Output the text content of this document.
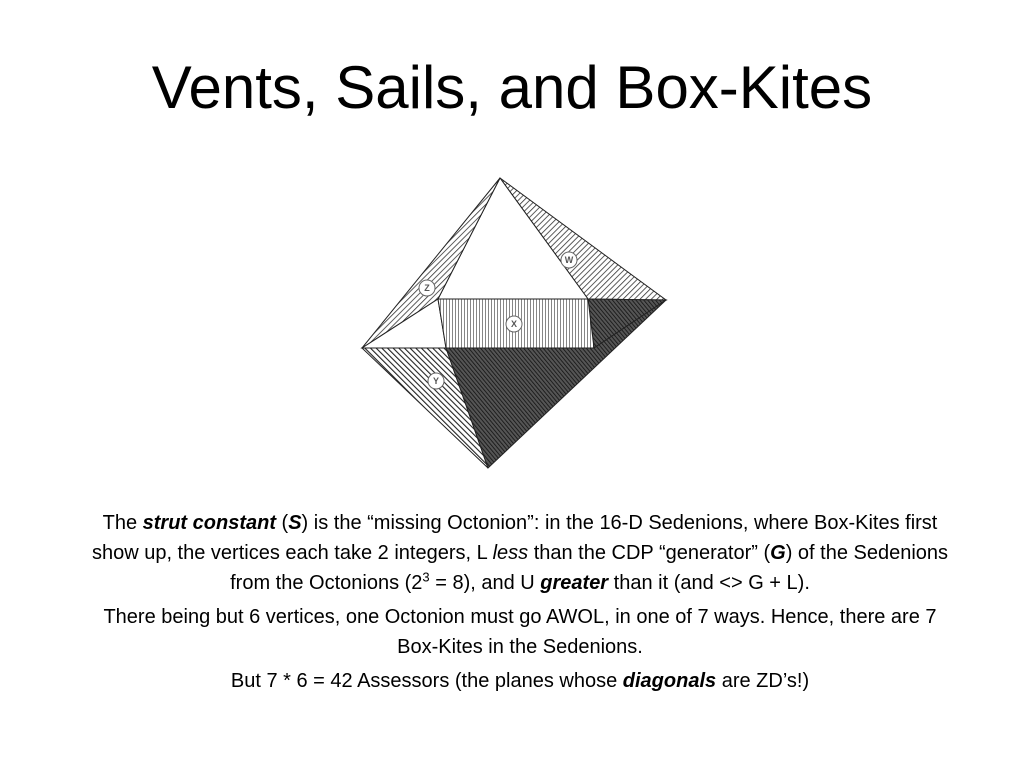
Vents, Sails, and Box-Kites
W
Z
X
Y

The strut constant (S) is the “missing Octonion”: in the 16-D Sedenions, where Box-Kites first show up, the vertices each take 2 integers, L less than the CDP “generator” (G) of the Sedenions from the Octonions $(2^3 = 8)$, and U greater than it (and <> G + L).

There being but 6 vertices, one Octonion must go AWOL, in one of 7 ways. Hence, there are 7 Box-Kites in the Sedenions.

But 7 * 6 = 42 Assessors (the planes whose diagonals are ZD’s!)
